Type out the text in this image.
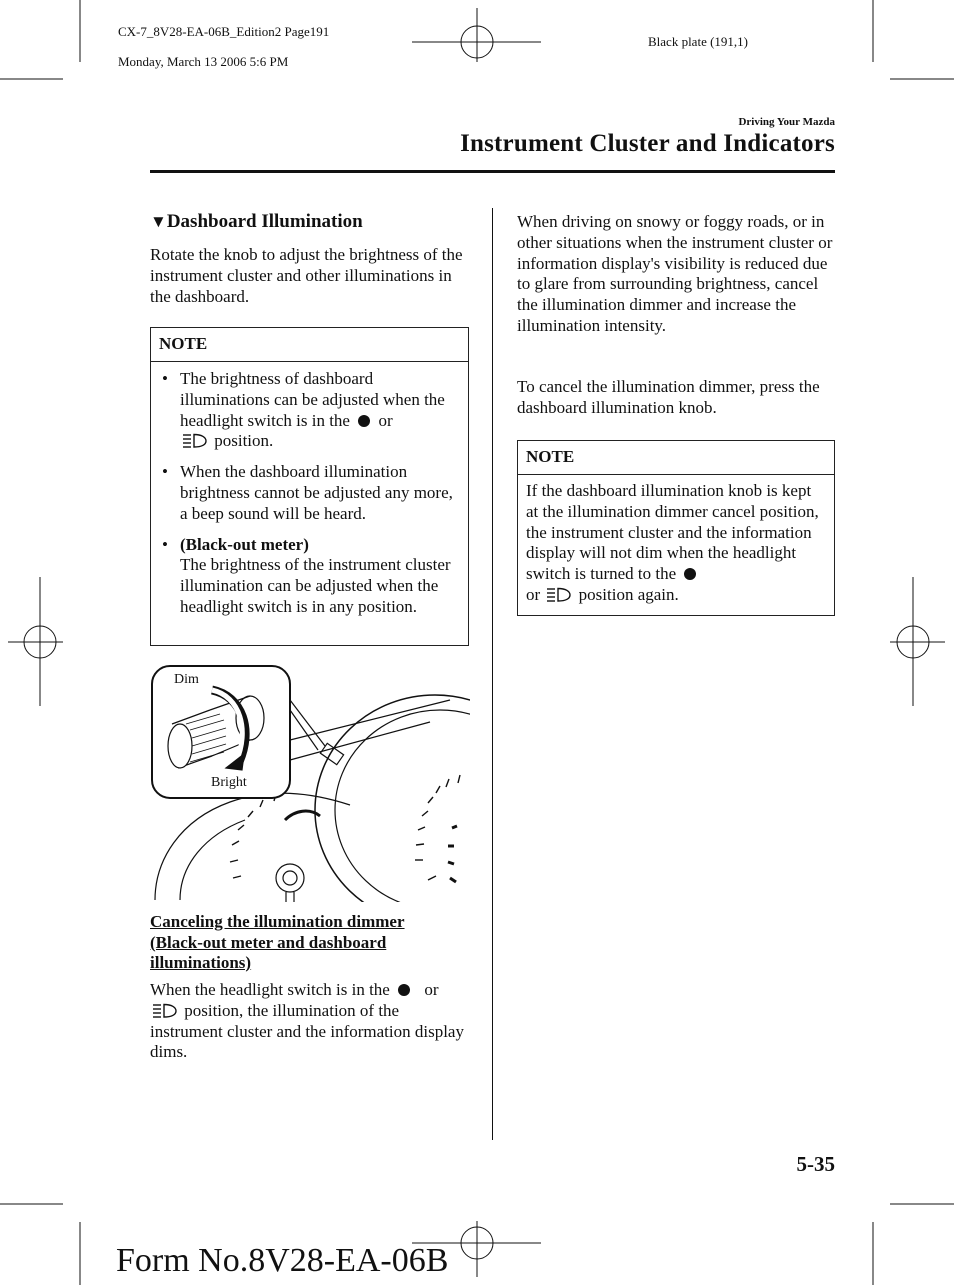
CX-7_8V28-EA-06B_Edition2 Page191

Monday, March 13 2006 5:6 PM

Black plate (191,1)
Driving Your Mazda
Instrument Cluster and Indicators
▼Dashboard Illumination
Rotate the knob to adjust the brightness of the instrument cluster and other illuminations in the dashboard.
NOTE
• The brightness of dashboard illuminations can be adjusted when the headlight switch is in the or
position.
• When the dashboard illumination brightness cannot be adjusted any more, a beep sound will be heard.
• (Black-out meter)
The brightness of the instrument cluster illumination can be adjusted when the headlight switch is in any position.
Dim
Bright
Canceling the illumination dimmer (Black-out meter and dashboard illuminations)
When the headlight switch is in the or
position, the illumination of the instrument cluster and the information display dims.
When driving on snowy or foggy roads, or in other situations when the instrument cluster or information display's visibility is reduced due to glare from surrounding brightness, cancel the illumination dimmer and increase the illumination intensity.
To cancel the illumination dimmer, press the dashboard illumination knob.
NOTE
If the dashboard illumination knob is kept at the illumination dimmer cancel position, the instrument cluster and the information display will not dim when the headlight switch is turned to the
or position again.
5-35
Form No.8V28-EA-06B
